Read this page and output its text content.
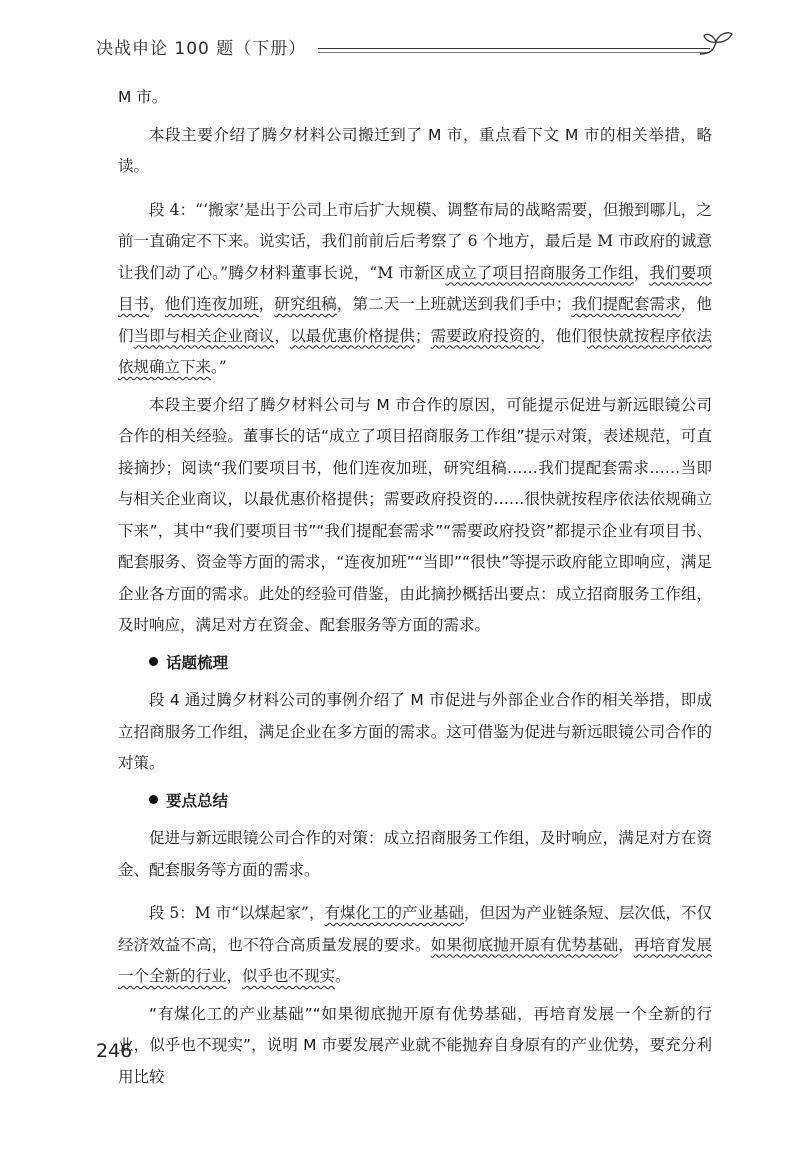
决战申论 100 题（下册）

M 市。

本段主要介绍了腾夕材料公司搬迁到了 M 市，重点看下文 M 市的相关举措，略读。

段 4：“‘搬家’是出于公司上市后扩大规模、调整布局的战略需要，但搬到哪儿，之前一直确定不下来。说实话，我们前前后后考察了 6 个地方，最后是 M 市政府的诚意让我们动了心。”腾夕材料董事长说，“M 市新区成立了项目招商服务工作组，我们要项目书，他们连夜加班，研究组稿，第二天一上班就送到我们手中；我们提配套需求，他们当即与相关企业商议，以最优惠价格提供；需要政府投资的，他们很快就按程序依法依规确立下来。”

本段主要介绍了腾夕材料公司与 M 市合作的原因，可能提示促进与新远眼镜公司合作的相关经验。董事长的话“成立了项目招商服务工作组”提示对策，表述规范，可直接摘抄；阅读“我们要项目书，他们连夜加班，研究组稿……我们提配套需求……当即与相关企业商议，以最优惠价格提供；需要政府投资的……很快就按程序依法依规确立下来”，其中“我们要项目书”“我们提配套需求”“需要政府投资”都提示企业有项目书、配套服务、资金等方面的需求，“连夜加班”“当即”“很快”等提示政府能立即响应，满足企业各方面的需求。此处的经验可借鉴，由此摘抄概括出要点：成立招商服务工作组，及时响应，满足对方在资金、配套服务等方面的需求。

话题梳理

段 4 通过腾夕材料公司的事例介绍了 M 市促进与外部企业合作的相关举措，即成立招商服务工作组，满足企业在多方面的需求。这可借鉴为促进与新远眼镜公司合作的对策。

要点总结

促进与新远眼镜公司合作的对策：成立招商服务工作组，及时响应，满足对方在资金、配套服务等方面的需求。

段 5：M 市“以煤起家”，有煤化工的产业基础，但因为产业链条短、层次低，不仅经济效益不高，也不符合高质量发展的要求。如果彻底抛开原有优势基础，再培育发展一个全新的行业，似乎也不现实。

“有煤化工的产业基础”“如果彻底抛开原有优势基础，再培育发展一个全新的行业，似乎也不现实”，说明 M 市要发展产业就不能抛弃自身原有的产业优势，要充分利用比较

246
